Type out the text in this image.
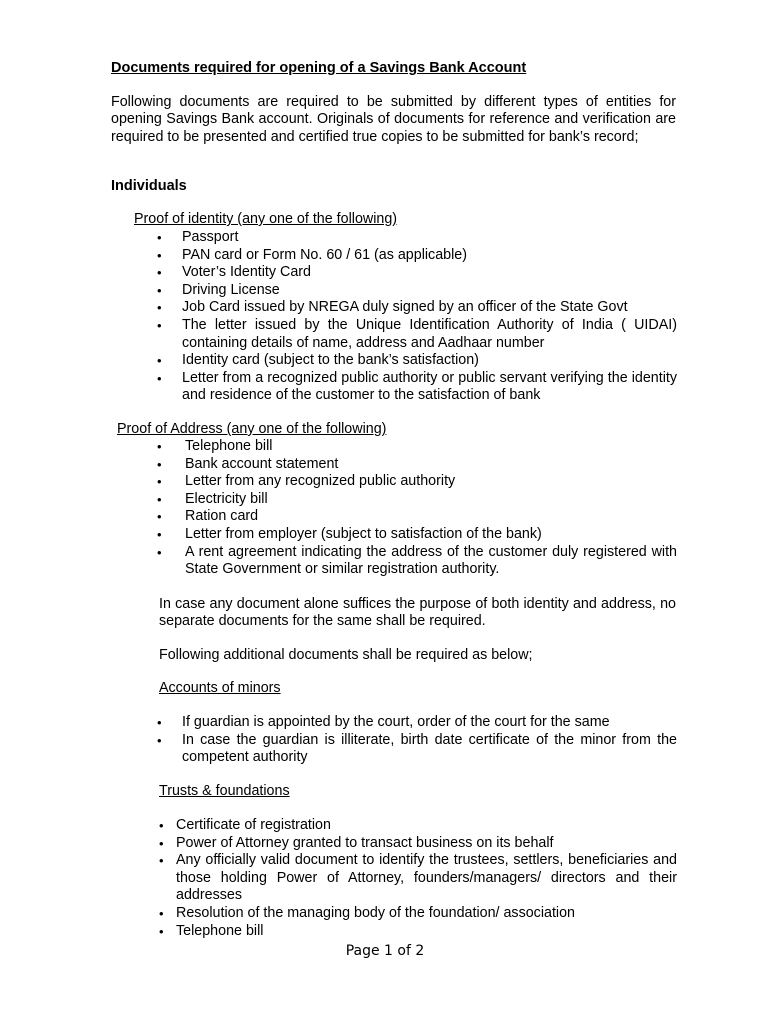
Documents required for opening of a Savings Bank Account

Following documents are required to be submitted by different types of entities for opening Savings Bank account. Originals of documents for reference and verification are required to be presented and certified true copies to be submitted for bank’s record;

Individuals
Proof of identity (any one of the following)
• Passport
• PAN card or Form No. 60 / 61 (as applicable)
• Voter’s Identity Card
• Driving License
• Job Card issued by NREGA duly signed by an officer of the State Govt
• The letter issued by the Unique Identification Authority of India ( UIDAI) containing details of name, address and Aadhaar number
• Identity card (subject to the bank’s satisfaction)
• Letter from a recognized public authority or public servant verifying the identity and residence of the customer to the satisfaction of bank
Proof of Address (any one of the following)
• Telephone bill
• Bank account statement
• Letter from any recognized public authority
• Electricity bill
• Ration card
• Letter from employer (subject to satisfaction of the bank)
• A rent agreement indicating the address of the customer duly registered with State Government or similar registration authority.

In case any document alone suffices the purpose of both identity and address, no separate documents for the same shall be required.

Following additional documents shall be required as below;

Accounts of minors
• If guardian is appointed by the court, order of the court for the same
• In case the guardian is illiterate, birth date certificate of the minor from the competent authority
Trusts & foundations
• Certificate of registration
• Power of Attorney granted to transact business on its behalf
• Any officially valid document to identify the trustees, settlers, beneficiaries and those holding Power of Attorney, founders/managers/ directors and their addresses
• Resolution of the managing body of the foundation/ association
• Telephone bill
Page 1 of 2
